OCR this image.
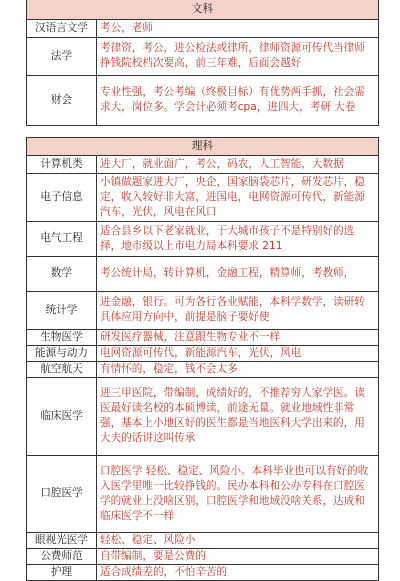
文科	
汉语言文学	考公，老师
法学	考律资，考公，进公检法或律所，律师资源可传代当律师挣钱院校档次要高，前三年难，后面会越好
财会	专业性强，考公考编（终极目标）有优势两手抓，社会需求大，岗位多。学会计必须考cpa，进四大，考研 大卷

理科	
计算机类	进大厂，就业面广，考公，码农，人工智能，大数据
电子信息	小镇做题家进大厂，央企，国家脑袋芯片，研发芯片，稳定，收入较好非大富，进国电，电网资源可传代，新能源汽车，光伏，风电在风口
电气工程	适合县乡以下老家就业，于大城市孩子不是特别好的选择，地市级以上市电力局本科要求 211
数学	考公统计局，转计算机，金融工程，精算师，考教师，
统计学	进金融，银行。可为各行各业赋能，本科学数学，读研转具体应用方向中，前提是脑子要好使
生物医学	研发医疗器械，注意跟生物专业不一样
能源与动力	电网资源可传代，新能源汽车，光伏，风电
航空航天	有情怀的，稳定，钱不会太多
临床医学	进三甲医院，带编制，成绩好的，不推荐穷人家学医。读医最好读名校的本硕博读，前途无量。就业地域性非常强，基本上小地区好的医生都是当地医科大学出来的，用大夫的话讲这叫传承
口腔医学	口腔医学 轻松、稳定、风险小。本科毕业也可以有好的收入医学里唯一比较挣钱的。民办本科和公办专科在口腔医学的就业上没啥区别，口腔医学和地域没啥关系，达成和临床医学不一样
眼视光医学	轻松、稳定、风险小
公费师范	自带编制，要是公费的
护理	适合成绩差的，不怕辛苦的
